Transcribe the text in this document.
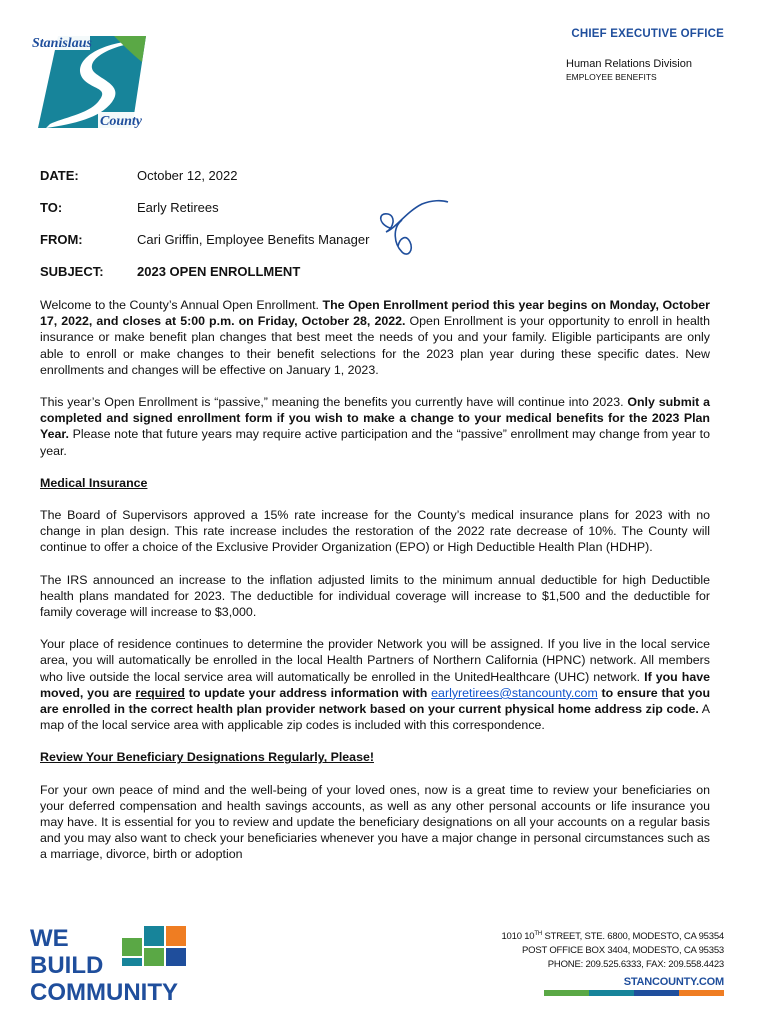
Stanislaus
County
CHIEF EXECUTIVE OFFICE
Human Relations Division
EMPLOYEE BENEFITS
DATE:	October 12, 2022
TO:	Early Retirees
FROM:	Cari Griffin, Employee Benefits Manager
SUBJECT:	2023 OPEN ENROLLMENT

Welcome to the County’s Annual Open Enrollment. The Open Enrollment period this year begins on Monday, October 17, 2022, and closes at 5:00 p.m. on Friday, October 28, 2022. Open Enrollment is your opportunity to enroll in health insurance or make benefit plan changes that best meet the needs of you and your family. Eligible participants are only able to enroll or make changes to their benefit selections for the 2023 plan year during these specific dates. New enrollments and changes will be effective on January 1, 2023.

This year’s Open Enrollment is “passive,” meaning the benefits you currently have will continue into 2023. Only submit a completed and signed enrollment form if you wish to make a change to your medical benefits for the 2023 Plan Year. Please note that future years may require active participation and the “passive” enrollment may change from year to year.

Medical Insurance

The Board of Supervisors approved a 15% rate increase for the County’s medical insurance plans for 2023 with no change in plan design. This rate increase includes the restoration of the 2022 rate decrease of 10%. The County will continue to offer a choice of the Exclusive Provider Organization (EPO) or High Deductible Health Plan (HDHP).

The IRS announced an increase to the inflation adjusted limits to the minimum annual deductible for high Deductible health plans mandated for 2023. The deductible for individual coverage will increase to $1,500 and the deductible for family coverage will increase to $3,000.

Your place of residence continues to determine the provider Network you will be assigned. If you live in the local service area, you will automatically be enrolled in the local Health Partners of Northern California (HPNC) network. All members who live outside the local service area will automatically be enrolled in the UnitedHealthcare (UHC) network. If you have moved, you are required to update your address information with earlyretirees@stancounty.com to ensure that you are enrolled in the correct health plan provider network based on your current physical home address zip code. A map of the local service area with applicable zip codes is included with this correspondence.

Review Your Beneficiary Designations Regularly, Please!

For your own peace of mind and the well-being of your loved ones, now is a great time to review your beneficiaries on your deferred compensation and health savings accounts, as well as any other personal accounts or life insurance you may have. It is essential for you to review and update the beneficiary designations on all your accounts on a regular basis and you may also want to check your beneficiaries whenever you have a major change in personal circumstances such as a marriage, divorce, birth or adoption

WE
BUILD
COMMUNITY
1010 10TH STREET, STE. 6800, MODESTO, CA 95354
POST OFFICE BOX 3404, MODESTO, CA 95353
PHONE: 209.525.6333, FAX: 209.558.4423
STANCOUNTY.COM
